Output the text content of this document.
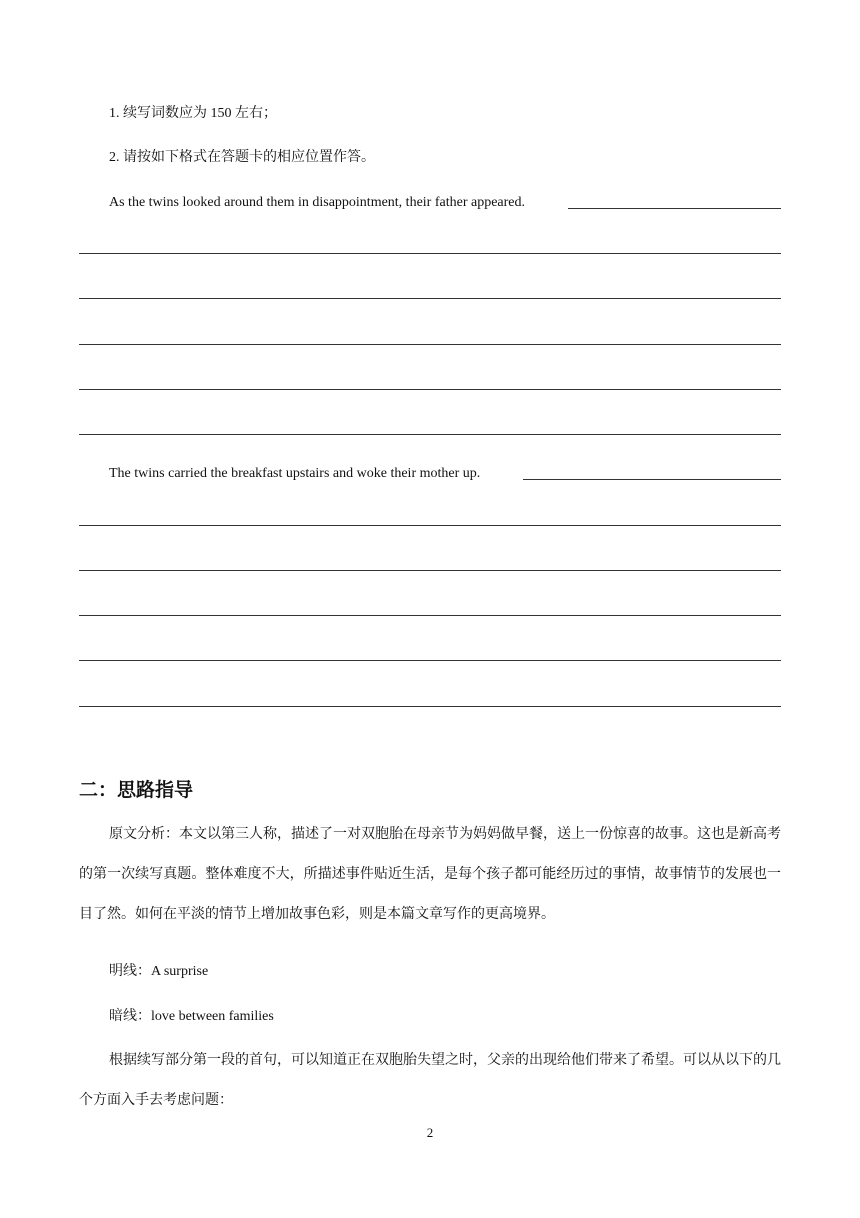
1. 续写词数应为 150 左右；
2. 请按如下格式在答题卡的相应位置作答。
As the twins looked around them in disappointment, their father appeared.
The twins carried the breakfast upstairs and woke their mother up.
二：思路指导
原文分析：本文以第三人称，描述了一对双胞胎在母亲节为妈妈做早餐，送上一份惊喜的故事。这也是新高考的第一次续写真题。整体难度不大，所描述事件贴近生活，是每个孩子都可能经历过的事情，故事情节的发展也一目了然。如何在平淡的情节上增加故事色彩，则是本篇文章写作的更高境界。
明线：A surprise
暗线：love between families
根据续写部分第一段的首句，可以知道正在双胞胎失望之时，父亲的出现给他们带来了希望。可以从以下的几个方面入手去考虑问题：
2
